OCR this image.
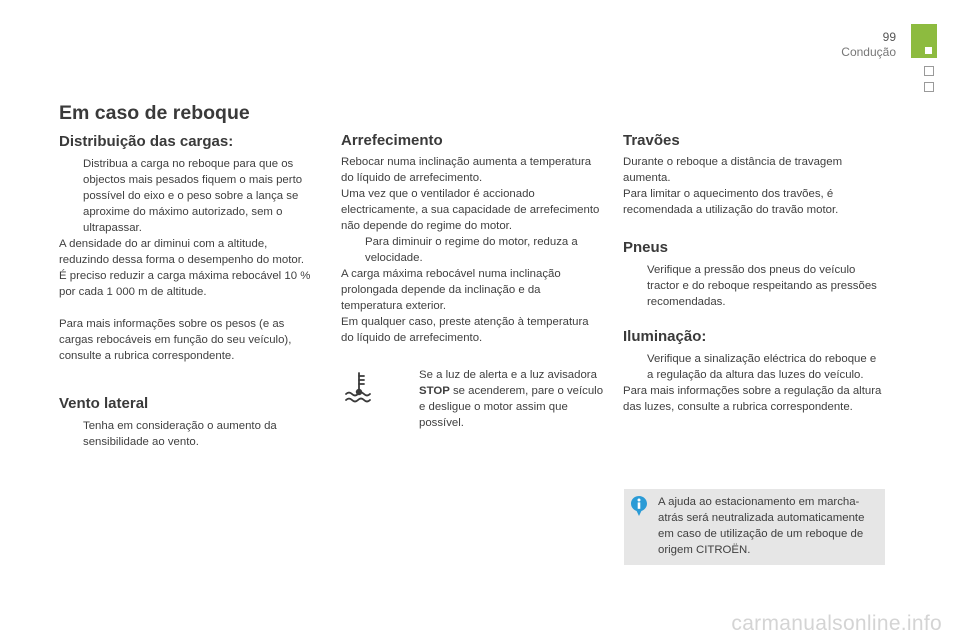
99
Condução
Em caso de reboque
Distribuição das cargas:
Distribua a carga no reboque para que os objectos mais pesados fiquem o mais perto possível do eixo e o peso sobre a lança se aproxime do máximo autorizado, sem o ultrapassar.

A densidade do ar diminui com a altitude, reduzindo dessa forma o desempenho do motor. É preciso reduzir a carga máxima rebocável 10 % por cada 1 000 m de altitude.

Para mais informações sobre os pesos (e as cargas rebocáveis em função do seu veículo), consulte a rubrica correspondente.

Vento lateral
Tenha em consideração o aumento da sensibilidade ao vento.
Arrefecimento

Rebocar numa inclinação aumenta a temperatura do líquido de arrefecimento.

Uma vez que o ventilador é accionado electricamente, a sua capacidade de arrefecimento não depende do regime do motor.

Para diminuir o regime do motor, reduza a velocidade.

A carga máxima rebocável numa inclinação prolongada depende da inclinação e da temperatura exterior.

Em qualquer caso, preste atenção à temperatura do líquido de arrefecimento.

Se a luz de alerta e a luz avisadora STOP se acenderem, pare o veículo e desligue o motor assim que possível.
Travões

Durante o reboque a distância de travagem aumenta.

Para limitar o aquecimento dos travões, é recomendada a utilização do travão motor.

Pneus
Verifique a pressão dos pneus do veículo tractor e do reboque respeitando as pressões recomendadas.
Iluminação:
Verifique a sinalização eléctrica do reboque e a regulação da altura das luzes do veículo.

Para mais informações sobre a regulação da altura das luzes, consulte a rubrica correspondente.

A ajuda ao estacionamento em marcha-atrás será neutralizada automaticamente em caso de utilização de um reboque de origem CITROËN.
carmanualsonline.info
